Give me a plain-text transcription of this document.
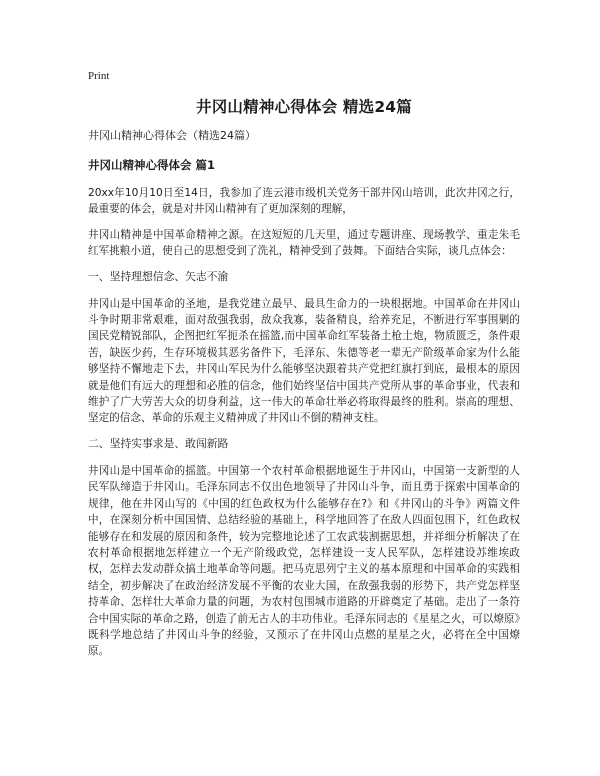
Print
井冈山精神心得体会 精选24篇
井冈山精神心得体会（精选24篇）
井冈山精神心得体会 篇1

20xx年10月10日至14日，我参加了连云港市级机关党务干部井冈山培训，此次井冈之行，最重要的体会，就是对井冈山精神有了更加深刻的理解，

井冈山精神是中国革命精神之源。在这短短的几天里，通过专题讲座、现场教学、重走朱毛红军挑粮小道，使自己的思想受到了洗礼，精神受到了鼓舞。下面结合实际，谈几点体会：

一、坚持理想信念、矢志不渝

井冈山是中国革命的圣地，是我党建立最早、最具生命力的一块根据地。中国革命在井冈山斗争时期非常艰难，面对敌强我弱，敌众我寡，装备精良，给养充足，不断进行军事围剿的国民党精锐部队，企图把红军扼杀在摇篮,而中国革命红军装备土枪土炮，物质匮乏，条件艰苦，缺医少药，生存环境极其恶劣备件下，毛泽东、朱德等老一辈无产阶级革命家为什么能够坚持不懈地走下去，井冈山军民为什么能够坚决跟着共产党把红旗打到底，最根本的原因就是他们有远大的理想和必胜的信念，他们始终坚信中国共产党所从事的革命事业，代表和维护了广大劳苦大众的切身利益，这一伟大的革命壮举必将取得最终的胜利。崇高的理想、坚定的信念、革命的乐观主义精神成了井冈山不倒的精神支柱。

二、坚持实事求是、敢闯新路

井冈山是中国革命的摇篮。中国第一个农村革命根据地诞生于井冈山，中国第一支新型的人民军队缔造于井冈山。毛泽东同志不仅出色地领导了井冈山斗争，而且勇于探索中国革命的规律，他在井冈山写的《中国的红色政权为什么能够存在?》和《井冈山的斗争》两篇文件中，在深刻分析中国国情、总结经验的基础上，科学地回答了在敌人四面包围下，红色政权能够存在和发展的原因和条件，较为完整地论述了工农武装割据思想，并祥细分析解决了在农村革命根据地怎样建立一个无产阶级政党，怎样建设一支人民军队，怎样建设苏维埃政权，怎样去发动群众搞土地革命等问题。把马克思列宁主义的基本原理和中国革命的实践相结全，初步解决了在政治经济发展不平衡的农业大国，在敌强我弱的形势下，共产党怎样坚持革命、怎样壮大革命力量的问题，为农村包围城市道路的开辟奠定了基础。走出了一条符合中国实际的革命之路，创造了前无古人的丰功伟业。毛泽东同志的《星星之火，可以燎原》既科学地总结了井冈山斗争的经验，又预示了在井冈山点燃的星星之火，必将在全中国燎原。
